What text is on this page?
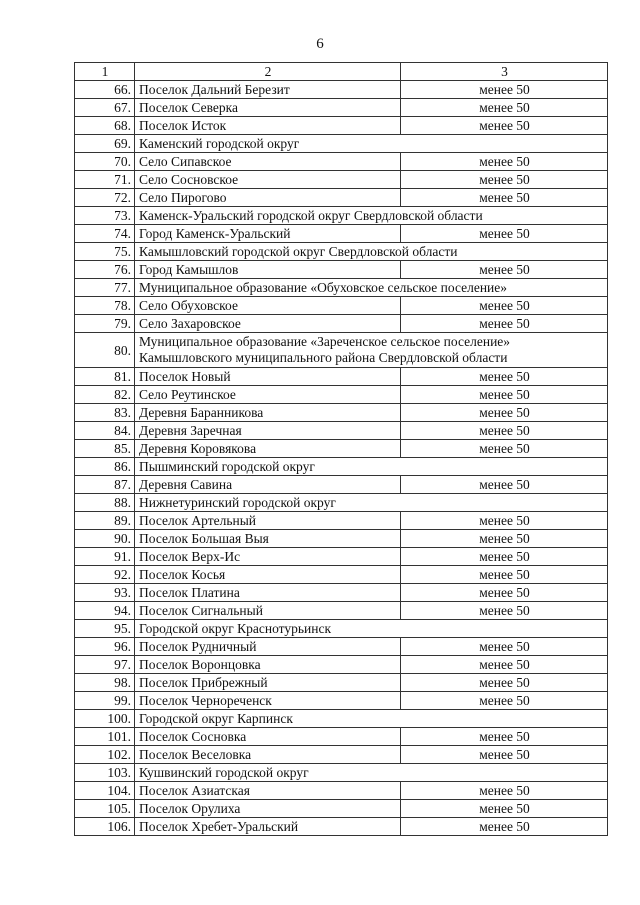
6
1	2	3
66.	Поселок Дальний Березит	менее 50
67.	Поселок Северка	менее 50
68.	Поселок Исток	менее 50
69.	Каменский городской округ	
70.	Село Сипавское	менее 50
71.	Село Сосновское	менее 50
72.	Село Пирогово	менее 50
73.	Каменск-Уральский городской округ Свердловской области	
74.	Город Каменск-Уральский	менее 50
75.	Камышловский городской округ Свердловской области	
76.	Город Камышлов	менее 50
77.	Муниципальное образование «Обуховское сельское поселение»	
78.	Село Обуховское	менее 50
79.	Село Захаровское	менее 50
80.	Муниципальное образование «Зареченское сельское поселение» Камышловского муниципального района Свердловской области	
81.	Поселок Новый	менее 50
82.	Село Реутинское	менее 50
83.	Деревня Баранникова	менее 50
84.	Деревня Заречная	менее 50
85.	Деревня Коровякова	менее 50
86.	Пышминский городской округ	
87.	Деревня Савина	менее 50
88.	Нижнетуринский городской округ	
89.	Поселок Артельный	менее 50
90.	Поселок Большая Выя	менее 50
91.	Поселок Верх-Ис	менее 50
92.	Поселок Косья	менее 50
93.	Поселок Платина	менее 50
94.	Поселок Сигнальный	менее 50
95.	Городской округ Краснотурьинск	
96.	Поселок Рудничный	менее 50
97.	Поселок Воронцовка	менее 50
98.	Поселок Прибрежный	менее 50
99.	Поселок Чернореченск	менее 50
100.	Городской округ Карпинск	
101.	Поселок Сосновка	менее 50
102.	Поселок Веселовка	менее 50
103.	Кушвинский городской округ	
104.	Поселок Азиатская	менее 50
105.	Поселок Орулиха	менее 50
106.	Поселок Хребет-Уральский	менее 50
